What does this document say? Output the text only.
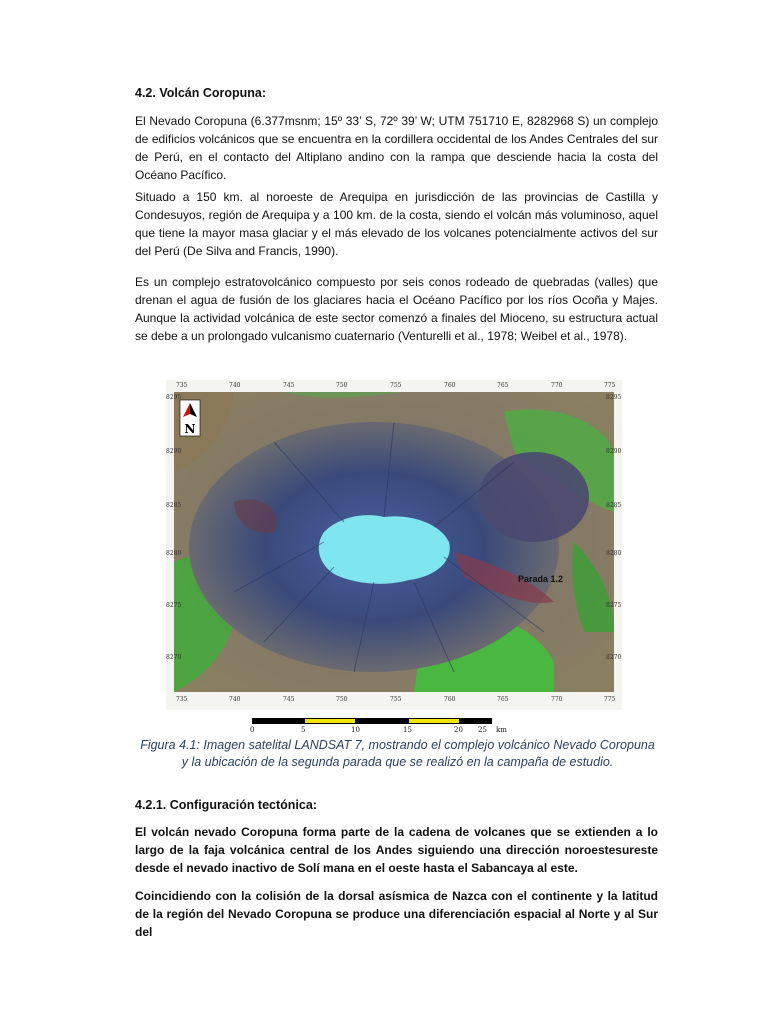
4.2. Volcán Coropuna:

El Nevado Coropuna (6.377msnm; 15º 33’ S, 72º 39’ W; UTM 751710 E, 8282968 S) un complejo de edificios volcánicos que se encuentra en la cordillera occidental de los Andes Centrales del sur de Perú, en el contacto del Altiplano andino con la rampa que desciende hacia la costa del Océano Pacífico.

Situado a 150 km. al noroeste de Arequipa en jurisdicción de las provincias de Castilla y Condesuyos, región de Arequipa y a 100 km. de la costa, siendo el volcán más voluminoso, aquel que tiene la mayor masa glaciar y el más elevado de los volcanes potencialmente activos del sur del Perú (De Silva and Francis, 1990).

Es un complejo estratovolcánico compuesto por seis conos rodeado de quebradas (valles) que drenan el agua de fusión de los glaciares hacia el Océano Pacífico por los ríos Ocoña y Majes. Aunque la actividad volcánica de este sector comenzó a finales del Mioceno, su estructura actual se debe a un prolongado vulcanismo cuaternario (Venturelli et al., 1978; Weibel et al., 1978).

N
Parada 1.2
735	740	745	750	755	760	765	770	775
735	740	745	750	755	760	765	770	775
8295
8290
8285
8280
8275
8270
8295
8290
8285
8280
8275
8270
0	5	10	15	20 25 km

Figura 4.1: Imagen satelital LANDSAT 7, mostrando el complejo volcánico Nevado Coropuna y la ubicación de la segunda parada que se realizó en la campaña de estudio.

4.2.1. Configuración tectónica:

El volcán nevado Coropuna forma parte de la cadena de volcanes que se extienden a lo largo de la faja volcánica central de los Andes siguiendo una dirección noroestesureste desde el nevado inactivo de Solí mana en el oeste hasta el Sabancaya al este.

Coincidiendo con la colisión de la dorsal asísmica de Nazca con el continente y la latitud de la región del Nevado Coropuna se produce una diferenciación espacial al Norte y al Sur del
